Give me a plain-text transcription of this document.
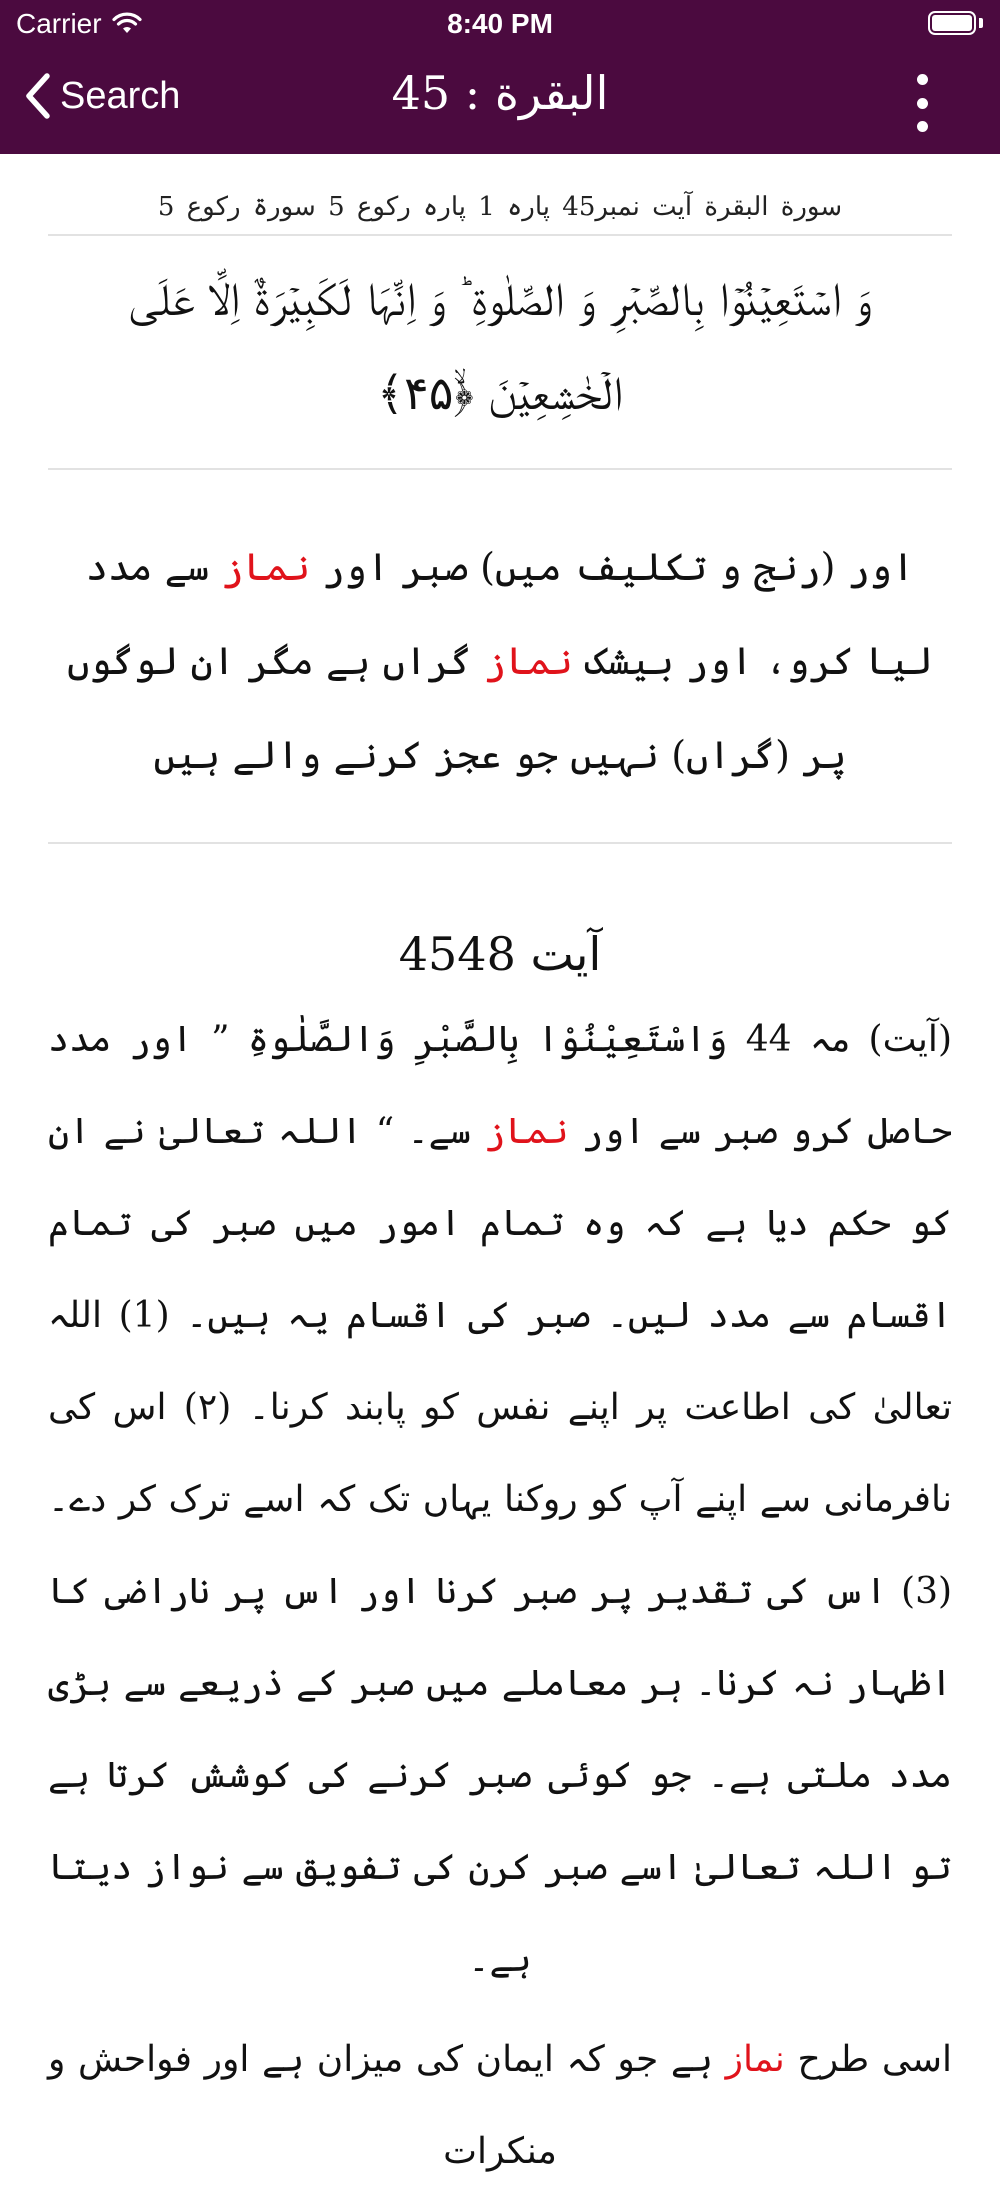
Carrier	8:40 PM
Search	البقرة : 45
سورة البقرة آیت نمبر45 پارہ 1 پارہ رکوع 5 سورۃ رکوع 5
وَ اسۡتَعِیۡنُوۡا بِالصَّبۡرِ وَ الصَّلٰوۃِ ؕ وَ اِنَّہَا لَکَبِیۡرَۃٌ اِلَّا عَلَی الۡخٰشِعِیۡنَ ﴿ۙ۴۵﴾
اور (رنج و تکلیف میں) صبر اور نماز سے مدد لیا کرو، اور بیشک نماز گراں ہے مگر ان لوگوں پر (گراں) نہیں جو عجز کرنے والے ہیں
آیت 4548
(آیت) مہ 44 وَاسْتَعِيْنُوْا بِالصَّبْرِ وَالصَّلٰوةِ ” اور مدد حاصل کرو صبر سے اور نماز سے۔ “ اللہ تعالیٰ نے ان کو حکم دیا ہے کہ وہ تمام امور میں صبر کی تمام اقسام سے مدد لیں۔ صبر کی اقسام یہ ہیں۔ (1) اللہ تعالیٰ کی اطاعت پر اپنے نفس کو پابند کرنا۔ (۲) اس کی نافرمانی سے اپنے آپ کو روکنا یہاں تک کہ اسے ترک کر دے۔ (3) اس کی تقدیر پر صبر کرنا اور اس پر ناراضی کا اظہار نہ کرنا۔ ہر معاملے میں صبر کے ذریعے سے بڑی مدد ملتی ہے۔ جو کوئی صبر کرنے کی کوشش کرتا ہے تو اللہ تعالیٰ اسے صبر کرن کی تفویق سے نواز دیتا ہے۔
اسی طرح نماز ہے جو کہ ایمان کی میزان ہے اور فواحش و منکرات
